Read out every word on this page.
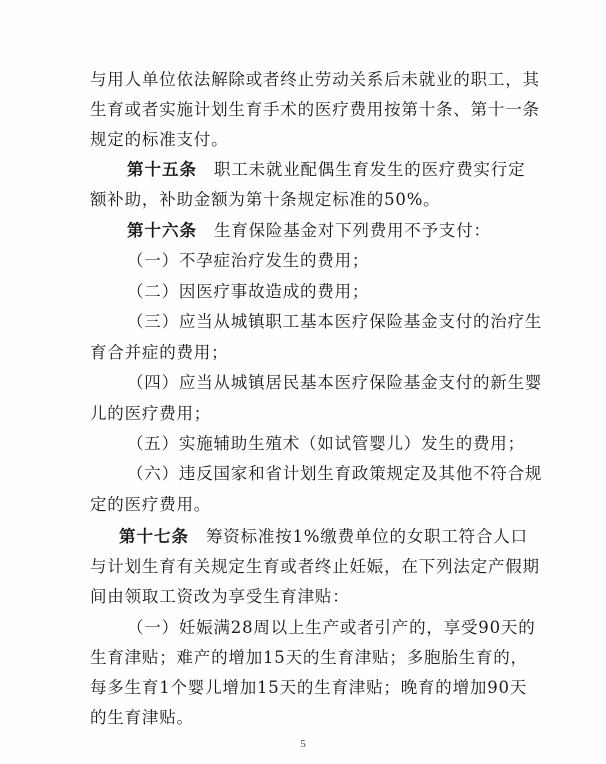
与用人单位依法解除或者终止劳动关系后未就业的职工，其
生育或者实施计划生育手术的医疗费用按第十条、第十一条
规定的标准支付。
第十五条 职工未就业配偶生育发生的医疗费实行定
额补助，补助金额为第十条规定标准的50%。
第十六条 生育保险基金对下列费用不予支付：
（一）不孕症治疗发生的费用；
（二）因医疗事故造成的费用；
（三）应当从城镇职工基本医疗保险基金支付的治疗生
育合并症的费用；
（四）应当从城镇居民基本医疗保险基金支付的新生婴
儿的医疗费用；
（五）实施辅助生殖术（如试管婴儿）发生的费用；
（六）违反国家和省计划生育政策规定及其他不符合规
定的医疗费用。
第十七条 筹资标准按1%缴费单位的女职工符合人口
与计划生育有关规定生育或者终止妊娠，在下列法定产假期
间由领取工资改为享受生育津贴：
（一）妊娠满28周以上生产或者引产的，享受90天的
生育津贴；难产的增加15天的生育津贴；多胞胎生育的，
每多生育1个婴儿增加15天的生育津贴；晚育的增加90天
的生育津贴。
5
